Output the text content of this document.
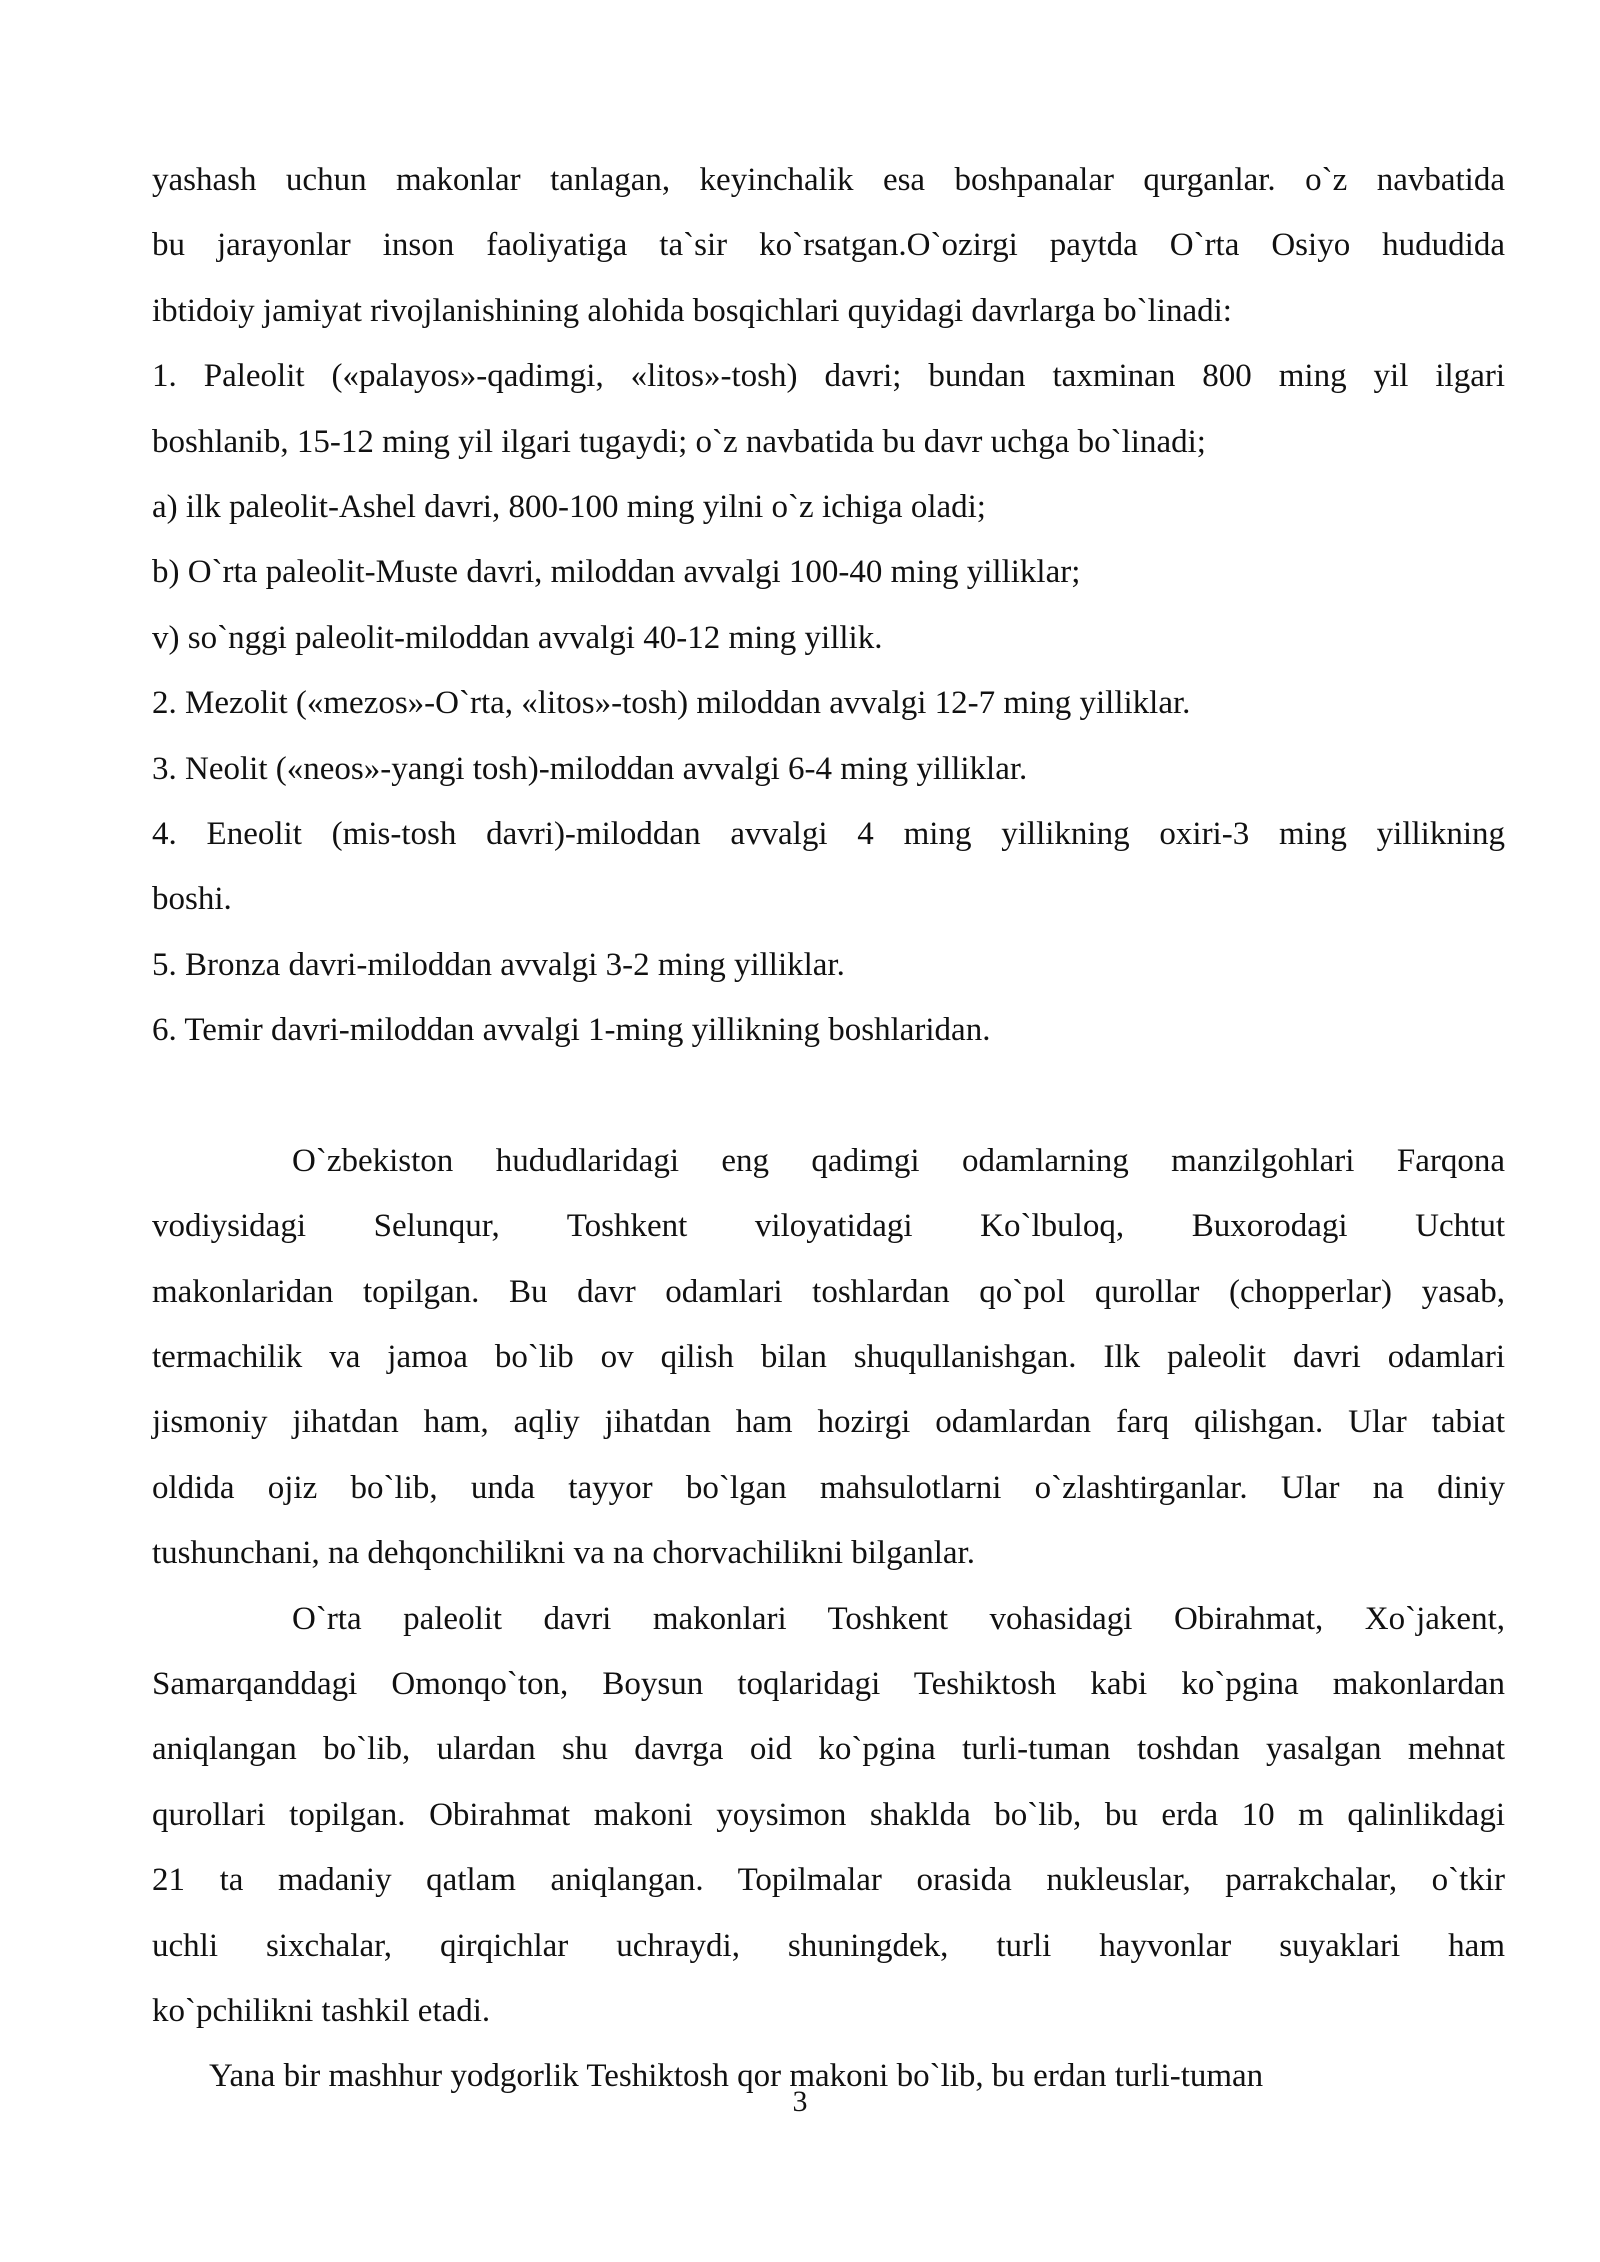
yashash uchun makonlar tanlagan, keyinchalik esa boshpanalar qurganlar. o`z navbatida
bu jarayonlar inson faoliyatiga ta`sir ko`rsatgan.O`ozirgi paytda O`rta Osiyo hududida
ibtidoiy jamiyat rivojlanishining alohida bosqichlari quyidagi davrlarga bo`linadi:
1. Paleolit («palayos»-qadimgi, «litos»-tosh) davri; bundan taxminan 800 ming yil ilgari
boshlanib, 15-12 ming yil ilgari tugaydi; o`z navbatida bu davr uchga bo`linadi;
a) ilk paleolit-Ashel davri, 800-100 ming yilni o`z ichiga oladi;
b) O`rta paleolit-Muste davri, miloddan avvalgi 100-40 ming yilliklar;
v) so`nggi paleolit-miloddan avvalgi 40-12 ming yillik.
2. Mezolit («mezos»-O`rta, «litos»-tosh) miloddan avvalgi 12-7 ming yilliklar.
3. Neolit («neos»-yangi tosh)-miloddan avvalgi 6-4 ming yilliklar.
4. Eneolit (mis-tosh davri)-miloddan avvalgi 4 ming yillikning oxiri-3 ming yillikning
boshi.
5. Bronza davri-miloddan avvalgi 3-2 ming yilliklar.
6. Temir davri-miloddan avvalgi 1-ming yillikning boshlaridan.
O`zbekiston hududlaridagi eng qadimgi odamlarning manzilgohlari Farqona
vodiysidagi Selunqur, Toshkent viloyatidagi Ko`lbuloq, Buxorodagi Uchtut
makonlaridan topilgan. Bu davr odamlari toshlardan qo`pol qurollar (chopperlar) yasab,
termachilik va jamoa bo`lib ov qilish bilan shuqullanishgan. Ilk paleolit davri odamlari
jismoniy jihatdan ham, aqliy jihatdan ham hozirgi odamlardan farq qilishgan. Ular tabiat
oldida ojiz bo`lib, unda tayyor bo`lgan mahsulotlarni o`zlashtirganlar. Ular na diniy
tushunchani, na dehqonchilikni va na chorvachilikni bilganlar.
O`rta paleolit davri makonlari Toshkent vohasidagi Obirahmat, Xo`jakent,
Samarqanddagi Omonqo`ton, Boysun toqlaridagi Teshiktosh kabi ko`pgina makonlardan
aniqlangan bo`lib, ulardan shu davrga oid ko`pgina turli-tuman toshdan yasalgan mehnat
qurollari topilgan. Obirahmat makoni yoysimon shaklda bo`lib, bu erda 10 m qalinlikdagi
21 ta madaniy qatlam aniqlangan. Topilmalar orasida nukleuslar, parrakchalar, o`tkir
uchli sixchalar, qirqichlar uchraydi, shuningdek, turli hayvonlar suyaklari ham
ko`pchilikni tashkil etadi.
Yana bir mashhur yodgorlik Teshiktosh qor makoni bo`lib, bu erdan turli-tuman
3
